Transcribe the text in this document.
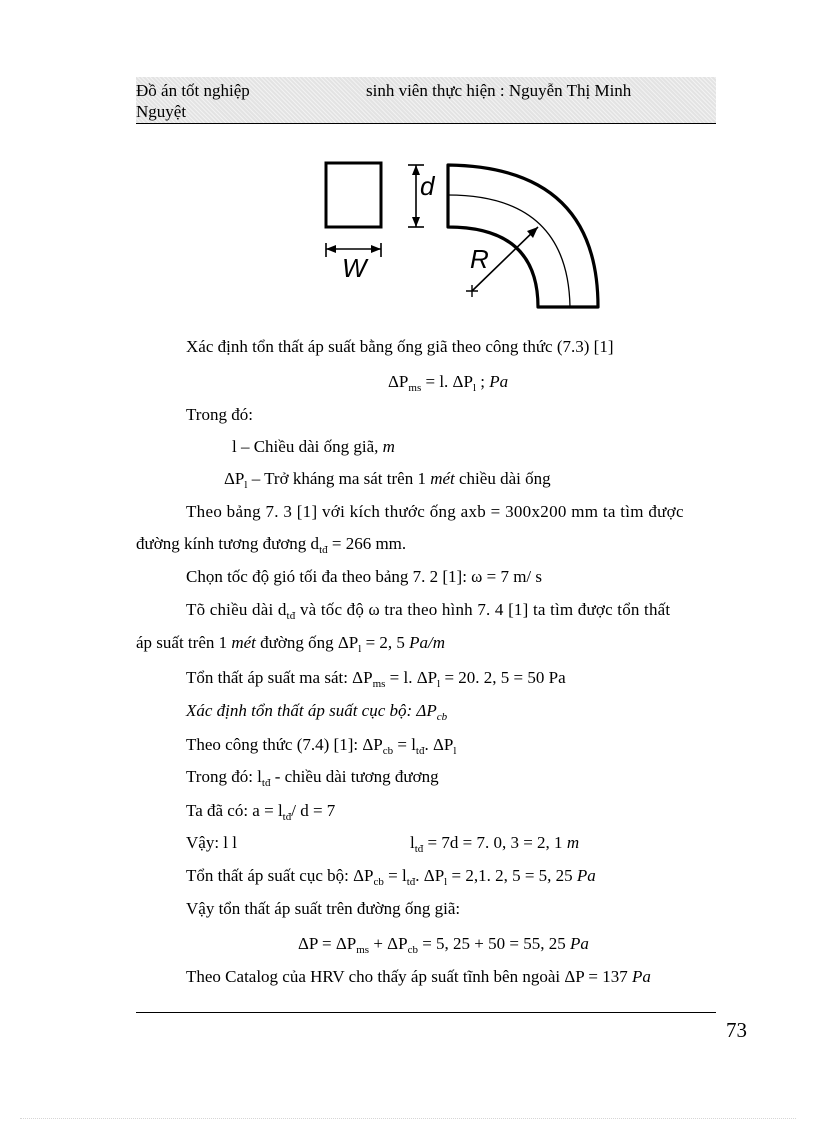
Đồ án tốt nghiệp	sinh viên thực hiện : Nguyễn Thị Minh
Nguyệt
d
W	R
Xác định tổn thất áp suất bằng ống giã theo công thức (7.3) [1]
$\Delta P_{ms} = l$. $\Delta P_l$ ; Pa
Trong đó:
l – Chiều dài ống giã, m
$\Delta P_l$ – Trở kháng ma sát trên 1 mét chiều dài ống
Theo bảng 7. 3 [1] với kích thước ống axb = 300x200 mm ta tìm được
đường kính tương đương $d_{tđ} = 266$ mm.
Chọn tốc độ gió tối đa theo bảng 7. 2 [1]: ω = 7 m/ s
Tõ chiều dài $d_{tđ}$ và tốc độ ω tra theo hình 7. 4 [1] ta tìm được tổn thất
áp suất trên 1 mét đường ống $\Delta P_l = 2$, 5 Pa/m
Tổn thất áp suất ma sát: $\Delta P_{ms} = l$. $\Delta P_l = 20$. 2, 5 = 50 Pa
Xác định tổn thất áp suất cục bộ: $\Delta P_{cb}$
Theo công thức (7.4) [1]: $\Delta P_{cb} = l_{tđ}$. $\Delta P_l$
Trong đó: $l_{tđ}$ - chiều dài tương đương
Ta đã có: $a = l_{tđ}/$ d = 7
Vậy: l l	$l_{tđ} = 7d = 7$. 0, 3 = 2, 1 m
Tổn thất áp suất cục bộ: $\Delta P_{cb} = l_{tđ}$. $\Delta P_l = 2,1$. 2, 5 = 5, 25 Pa
Vậy tổn thất áp suất trên đường ống giã:
$\Delta P = \Delta P_{ms} + \Delta P_{cb} = 5$, 25 + 50 = 55, 25 Pa
Theo Catalog của HRV cho thấy áp suất tĩnh bên ngoài ΔP = 137 Pa
73
